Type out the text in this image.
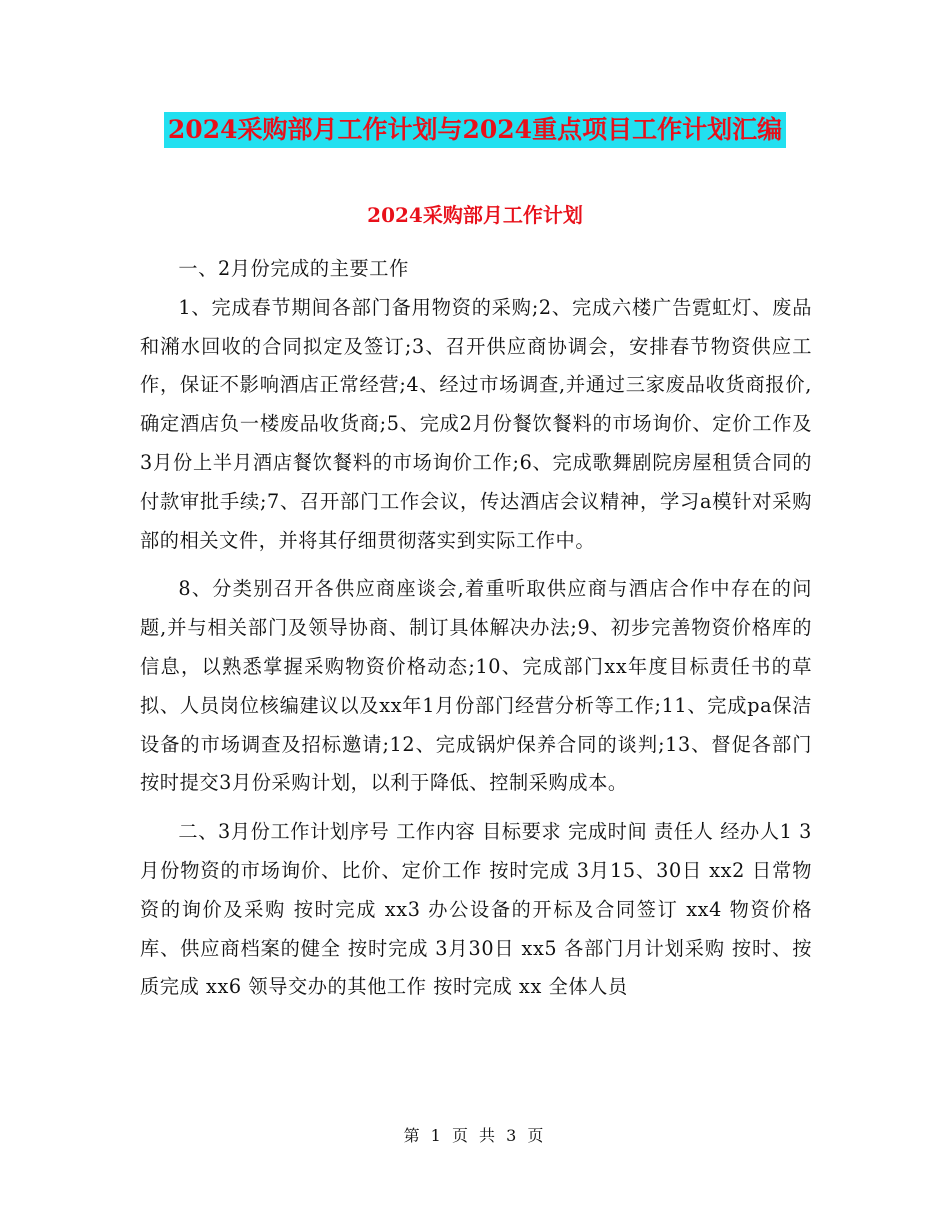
2024采购部月工作计划与2024重点项目工作计划汇编
2024采购部月工作计划

一、2月份完成的主要工作

1、完成春节期间各部门备用物资的采购;2、完成六楼广告霓虹灯、废品和潲水回收的合同拟定及签订;3、召开供应商协调会，安排春节物资供应工作，保证不影响酒店正常经营;4、经过市场调查,并通过三家废品收货商报价,确定酒店负一楼废品收货商;5、完成2月份餐饮餐料的市场询价、定价工作及3月份上半月酒店餐饮餐料的市场询价工作;6、完成歌舞剧院房屋租赁合同的付款审批手续;7、召开部门工作会议，传达酒店会议精神，学习a模针对采购部的相关文件，并将其仔细贯彻落实到实际工作中。

8、分类别召开各供应商座谈会,着重听取供应商与酒店合作中存在的问题,并与相关部门及领导协商、制订具体解决办法;9、初步完善物资价格库的信息，以熟悉掌握采购物资价格动态;10、完成部门xx年度目标责任书的草拟、人员岗位核编建议以及xx年1月份部门经营分析等工作;11、完成pa保洁设备的市场调查及招标邀请;12、完成锅炉保养合同的谈判;13、督促各部门按时提交3月份采购计划，以利于降低、控制采购成本。

二、3月份工作计划序号 工作内容 目标要求 完成时间 责任人 经办人1 3月份物资的市场询价、比价、定价工作 按时完成 3月15、30日 xx2 日常物资的询价及采购 按时完成 xx3 办公设备的开标及合同签订 xx4 物资价格库、供应商档案的健全 按时完成 3月30日 xx5 各部门月计划采购 按时、按质完成 xx6 领导交办的其他工作 按时完成 xx 全体人员

第 1 页 共 3 页
